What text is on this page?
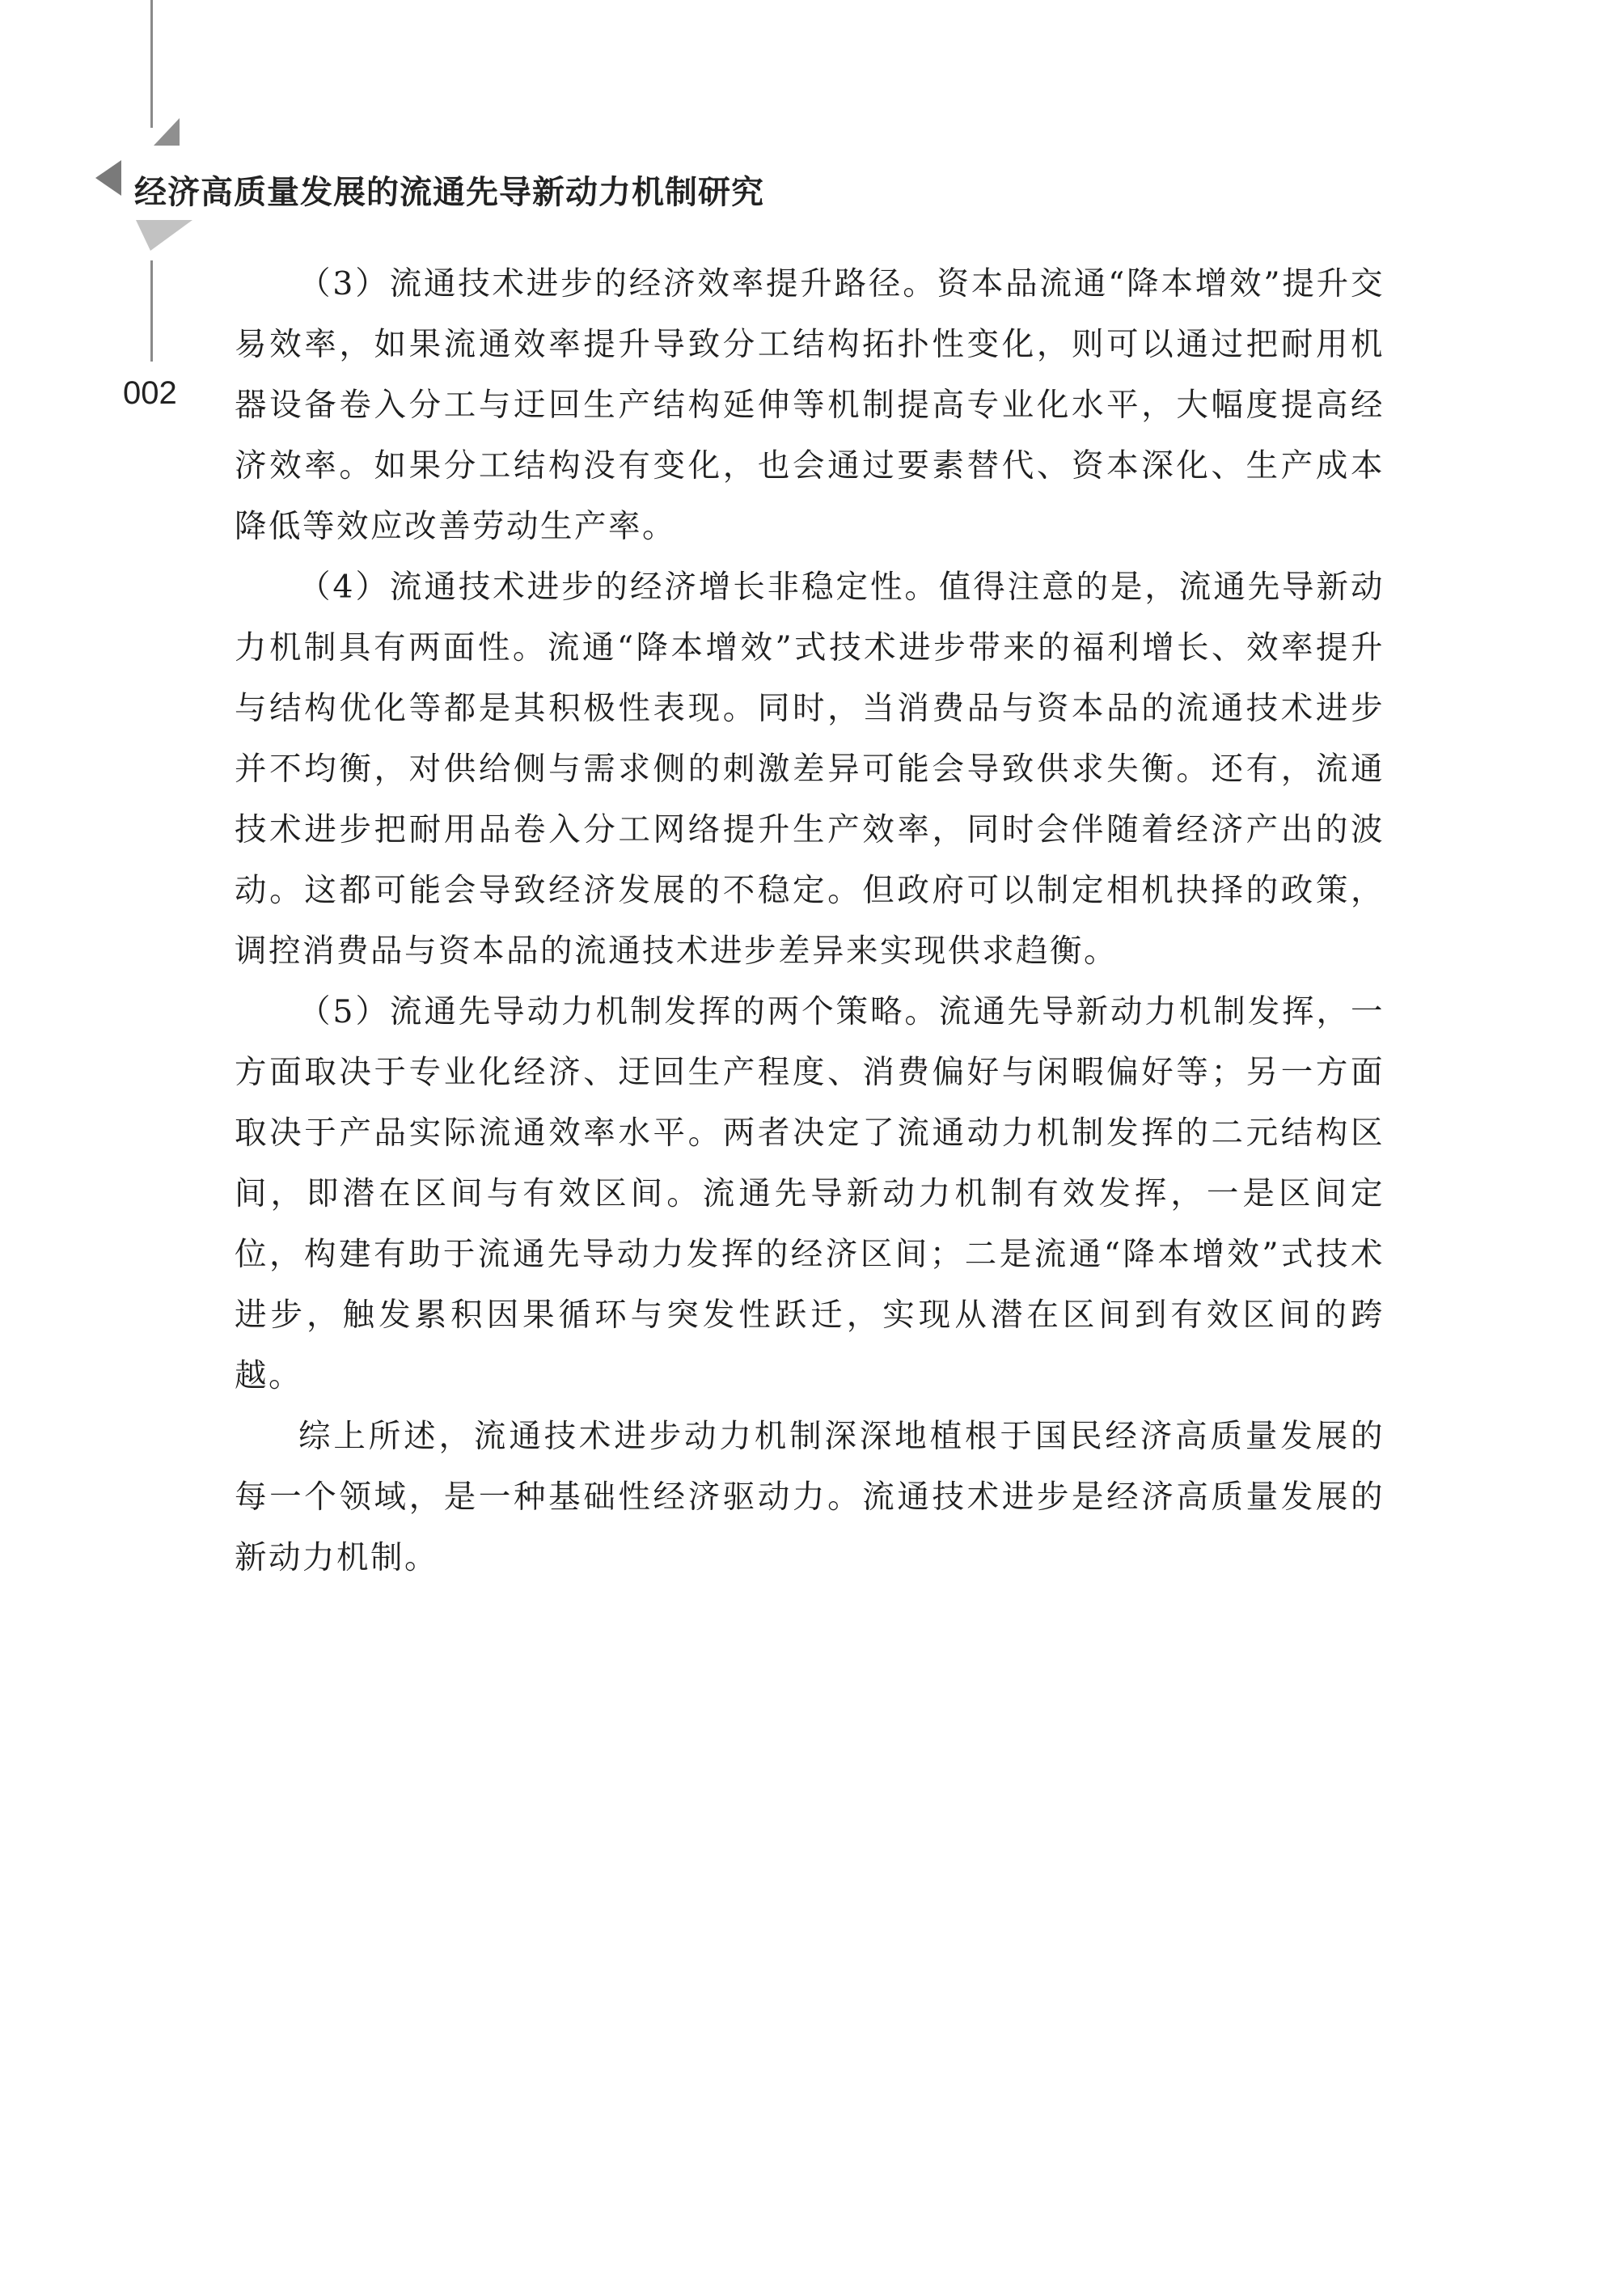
经济高质量发展的流通先导新动力机制研究
002

（3）流通技术进步的经济效率提升路径。资本品流通“降本增效”提升交易效率，如果流通效率提升导致分工结构拓扑性变化，则可以通过把耐用机器设备卷入分工与迂回生产结构延伸等机制提高专业化水平，大幅度提高经济效率。如果分工结构没有变化，也会通过要素替代、资本深化、生产成本降低等效应改善劳动生产率。

（4）流通技术进步的经济增长非稳定性。值得注意的是，流通先导新动力机制具有两面性。流通“降本增效”式技术进步带来的福利增长、效率提升与结构优化等都是其积极性表现。同时，当消费品与资本品的流通技术进步并不均衡，对供给侧与需求侧的刺激差异可能会导致供求失衡。还有，流通技术进步把耐用品卷入分工网络提升生产效率，同时会伴随着经济产出的波动。这都可能会导致经济发展的不稳定。但政府可以制定相机抉择的政策，调控消费品与资本品的流通技术进步差异来实现供求趋衡。

（5）流通先导动力机制发挥的两个策略。流通先导新动力机制发挥，一方面取决于专业化经济、迂回生产程度、消费偏好与闲暇偏好等；另一方面取决于产品实际流通效率水平。两者决定了流通动力机制发挥的二元结构区间，即潜在区间与有效区间。流通先导新动力机制有效发挥，一是区间定位，构建有助于流通先导动力发挥的经济区间；二是流通“降本增效”式技术进步，触发累积因果循环与突发性跃迁，实现从潜在区间到有效区间的跨越。

综上所述，流通技术进步动力机制深深地植根于国民经济高质量发展的每一个领域，是一种基础性经济驱动力。流通技术进步是经济高质量发展的新动力机制。
